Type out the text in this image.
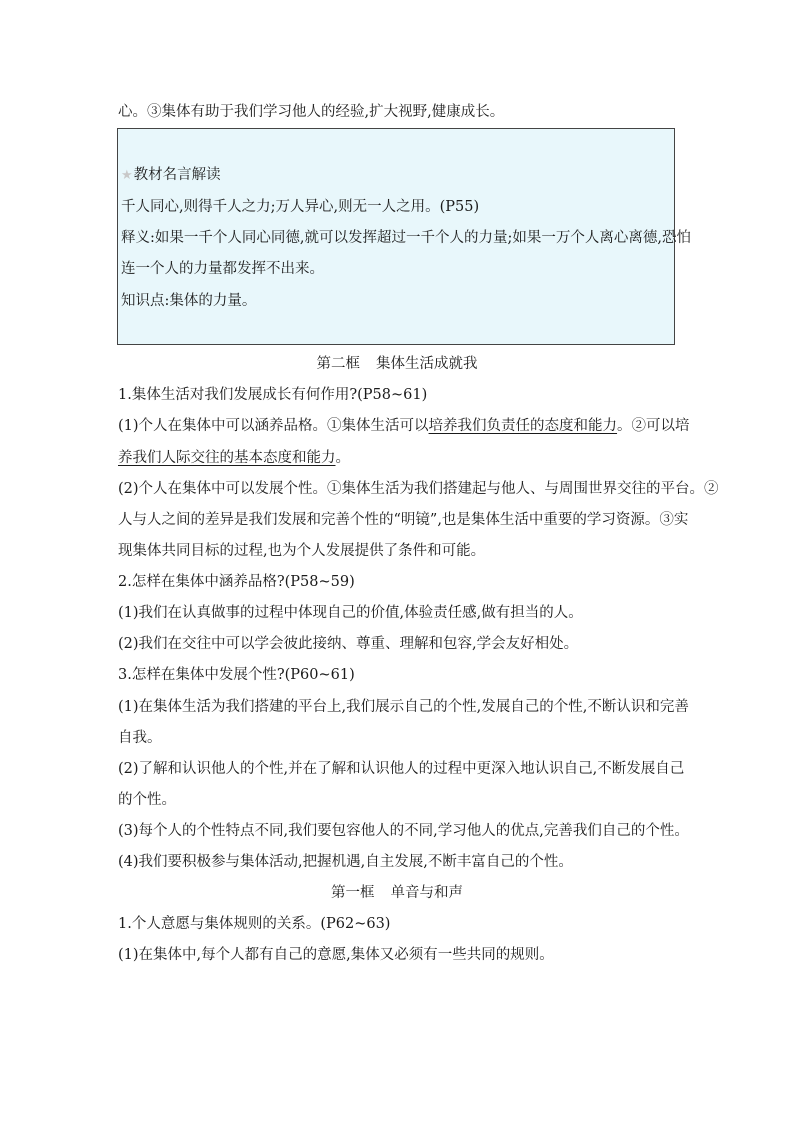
心。③集体有助于我们学习他人的经验,扩大视野,健康成长。
★教材名言解读
千人同心,则得千人之力;万人异心,则无一人之用。(P55)
释义:如果一千个人同心同德,就可以发挥超过一千个人的力量;如果一万个人离心离德,恐怕
连一个人的力量都发挥不出来。
知识点:集体的力量。
第二框 集体生活成就我
1.集体生活对我们发展成长有何作用?(P58~61)
(1)个人在集体中可以涵养品格。①集体生活可以培养我们负责任的态度和能力。②可以培
养我们人际交往的基本态度和能力。
(2)个人在集体中可以发展个性。①集体生活为我们搭建起与他人、与周围世界交往的平台。②
人与人之间的差异是我们发展和完善个性的“明镜”,也是集体生活中重要的学习资源。③实
现集体共同目标的过程,也为个人发展提供了条件和可能。
2.怎样在集体中涵养品格?(P58~59)
(1)我们在认真做事的过程中体现自己的价值,体验责任感,做有担当的人。
(2)我们在交往中可以学会彼此接纳、尊重、理解和包容,学会友好相处。
3.怎样在集体中发展个性?(P60~61)
(1)在集体生活为我们搭建的平台上,我们展示自己的个性,发展自己的个性,不断认识和完善
自我。
(2)了解和认识他人的个性,并在了解和认识他人的过程中更深入地认识自己,不断发展自己
的个性。
(3)每个人的个性特点不同,我们要包容他人的不同,学习他人的优点,完善我们自己的个性。
(4)我们要积极参与集体活动,把握机遇,自主发展,不断丰富自己的个性。
第一框 单音与和声
1.个人意愿与集体规则的关系。(P62~63)
(1)在集体中,每个人都有自己的意愿,集体又必须有一些共同的规则。
